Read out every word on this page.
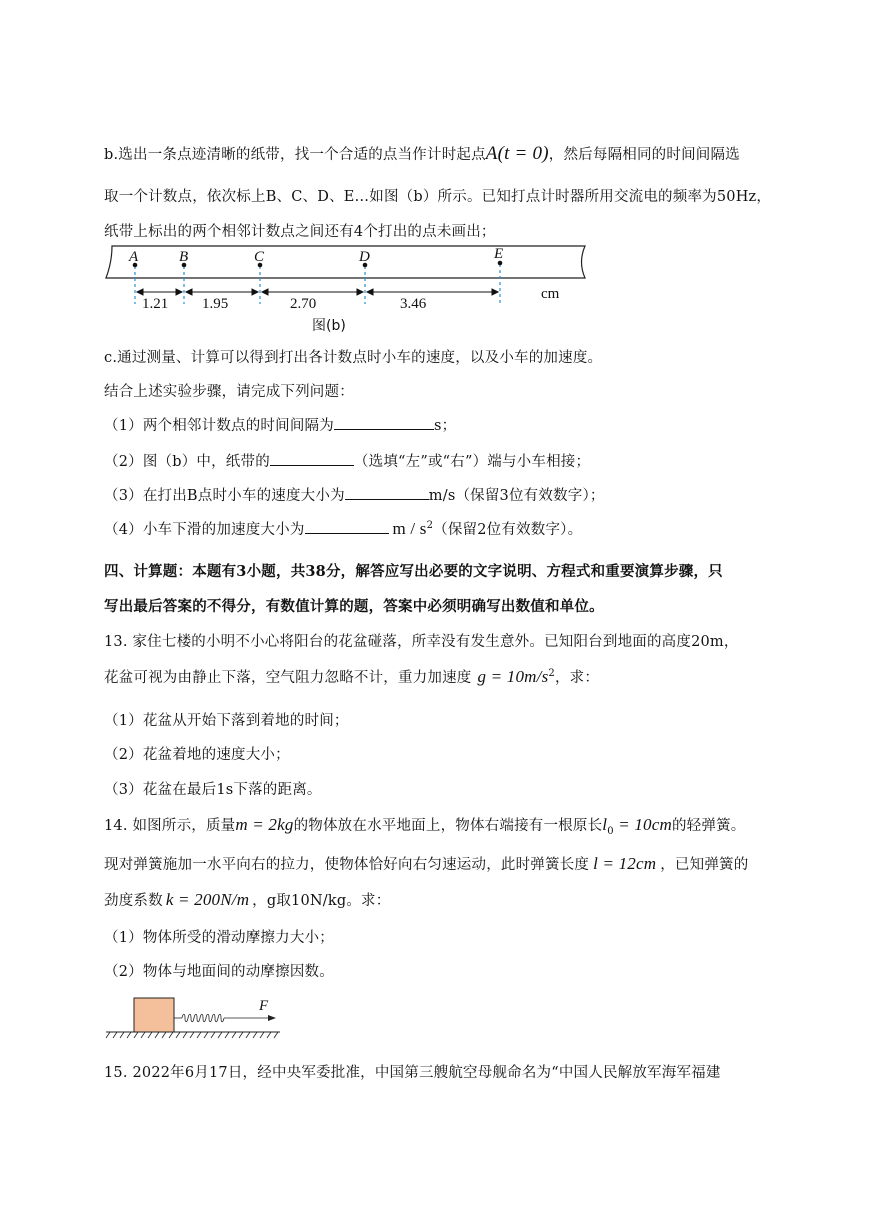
b.选出一条点迹清晰的纸带，找一个合适的点当作计时起点A(t = 0)，然后每隔相同的时间间隔选
取一个计数点，依次标上B、C、D、E…如图（b）所示。已知打点计时器所用交流电的频率为50Hz，
纸带上标出的两个相邻计数点之间还有4个打出的点未画出；
A	B	C	D	E
1.21 1.95	2.70	3.46
cm
图(b)
c.通过测量、计算可以得到打出各计数点时小车的速度，以及小车的加速度。
结合上述实验步骤，请完成下列问题：
（1）两个相邻计数点的时间间隔为	s；
（2）图（b）中，纸带的	（选填“左”或“右”）端与小车相接；
（3）在打出B点时小车的速度大小为	m/s（保留3位有效数字）；
（4）小车下滑的加速度大小为	m / $s^2$（保留2位有效数字）。
四、计算题：本题有3小题，共38分，解答应写出必要的文字说明、方程式和重要演算步骤，只
写出最后答案的不得分，有数值计算的题，答案中必须明确写出数值和单位。
13. 家住七楼的小明不小心将阳台的花盆碰落，所幸没有发生意外。已知阳台到地面的高度20m，
花盆可视为由静止下落，空气阻力忽略不计，重力加速度 $g = 10m/s^2$，求：
（1）花盆从开始下落到着地的时间；
（2）花盆着地的速度大小；
（3）花盆在最后1s下落的距离。
14. 如图所示，质量m = 2kg的物体放在水平地面上，物体右端接有一根原长$l_0 = 10cm$的轻弹簧。
现对弹簧施加一水平向右的拉力，使物体恰好向右匀速运动，此时弹簧长度 l = 12cm ，已知弹簧的
劲度系数 k = 200N/m ，g取10N/kg。求：
（1）物体所受的滑动摩擦力大小；
（2）物体与地面间的动摩擦因数。
F
15. 2022年6月17日，经中央军委批准，中国第三艘航空母舰命名为“中国人民解放军海军福建
